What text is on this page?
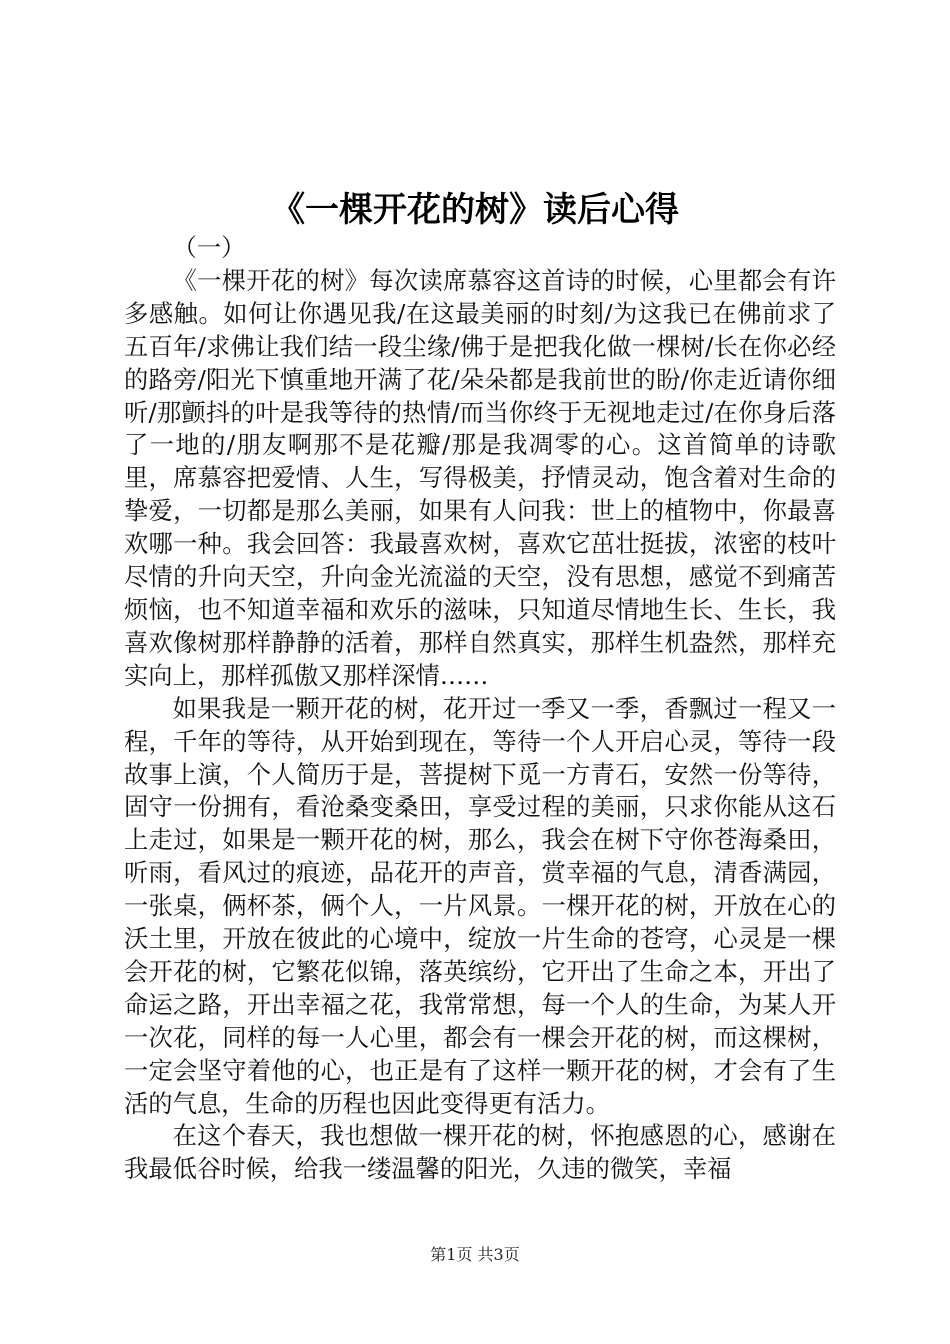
《一棵开花的树》读后心得

（一）

《一棵开花的树》每次读席慕容这首诗的时候，心里都会有许多感触。如何让你遇见我/在这最美丽的时刻/为这我已在佛前求了五百年/求佛让我们结一段尘缘/佛于是把我化做一棵树/长在你必经的路旁/阳光下慎重地开满了花/朵朵都是我前世的盼/你走近请你细听/那颤抖的叶是我等待的热情/而当你终于无视地走过/在你身后落了一地的/朋友啊那不是花瓣/那是我凋零的心。这首简单的诗歌里，席慕容把爱情、人生，写得极美，抒情灵动，饱含着对生命的挚爱，一切都是那么美丽，如果有人问我：世上的植物中，你最喜欢哪一种。我会回答：我最喜欢树，喜欢它茁壮挺拔，浓密的枝叶尽情的升向天空，升向金光流溢的天空，没有思想，感觉不到痛苦烦恼，也不知道幸福和欢乐的滋味，只知道尽情地生长、生长，我喜欢像树那样静静的活着，那样自然真实，那样生机盎然，那样充实向上，那样孤傲又那样深情……

如果我是一颗开花的树，花开过一季又一季，香飘过一程又一程，千年的等待，从开始到现在，等待一个人开启心灵，等待一段故事上演，个人简历于是，菩提树下觅一方青石，安然一份等待，固守一份拥有，看沧桑变桑田，享受过程的美丽，只求你能从这石上走过，如果是一颗开花的树，那么，我会在树下守你苍海桑田，听雨，看风过的痕迹，品花开的声音，赏幸福的气息，清香满园，一张桌，俩杯茶，俩个人，一片风景。一棵开花的树，开放在心的沃土里，开放在彼此的心境中，绽放一片生命的苍穹，心灵是一棵会开花的树，它繁花似锦，落英缤纷，它开出了生命之本，开出了命运之路，开出幸福之花，我常常想，每一个人的生命，为某人开一次花，同样的每一人心里，都会有一棵会开花的树，而这棵树，一定会坚守着他的心，也正是有了这样一颗开花的树，才会有了生活的气息，生命的历程也因此变得更有活力。

在这个春天，我也想做一棵开花的树，怀抱感恩的心，感谢在我最低谷时候，给我一缕温馨的阳光，久违的微笑，幸福

第1页 共3页
